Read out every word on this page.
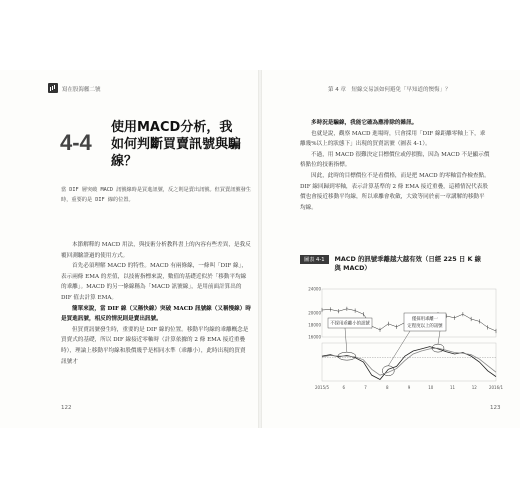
寫在股海艦二號
4-4
使用MACD分析，我如何判斷買賣訊號與騙線？
當 DIF 層突破 MACD 訊號線時是買進訊號，反之則是賣出訊號。但買賣訊號發生時，重要的是 DIF 線的位置。

本節解釋的 MACD 用法，與技術分析教科書上的內容有些差異，是我反覆回測驗證過的使用方式。

首先必須理解 MACD 的特性。MACD 有兩條線，一條叫「DIF 線」，表示兩條 EMA 的差值，以技術指標來說，數值的基礎近似於「移動平均線的乖離」。MACD 的另一條線稱為「MACD 訊號線」，是用前面計算出的 DIF 值去計算 EMA。

簡單來說，當 DIF 線（又稱快線）突破 MACD 訊號線（又稱慢線）時是買進訊號，相反的情況則是賣出訊號。

但買賣訊號發生時，重要的是 DIF 線的位置。移動平均線的乖離概念是買賣式的基礎，所以 DIF 線接近零軸時（計算依據的 2 條 EMA 接近重疊時），理論上移動平均線和股價幾乎是相同水準（乖離小），此時出現的買賣訊號才

122
第 4 章　短線交易該如何避免「早知道的懊悔」？

多時況是騙線，我能它確為應排除的雜訊。

也就是說，觀察 MACD 進場時，只會採用「DIF 線距離零軸上下，乖離幾%以上的狀態下」出現的買賣訊號（圖表 4-1）。

不過，用 MACD 很難決定目標價位或停損點，因為 MACD 不是顯示價格點位的技術指標。

因此，此時的目標價位不是看價格，而是把 MACD 的零軸當作檢查點。DIF 線回歸到零軸，表示計算基準的 2 條 EMA 接近重疊，這種情況代表股價也會接近移動平均線，所以乖離會收斂，大致等同於前一章講解的移動平均線。

圖表 4-1	MACD 的訊號乖離越大越有效（日經 225 日 K 線與 MACD）
24000
20000
18000
16000
不採用乖離小的訊號
僅採用乖離一
定程度以上的訊號
2015/5	6	7	8	9	10	11	12	2016/1
123
